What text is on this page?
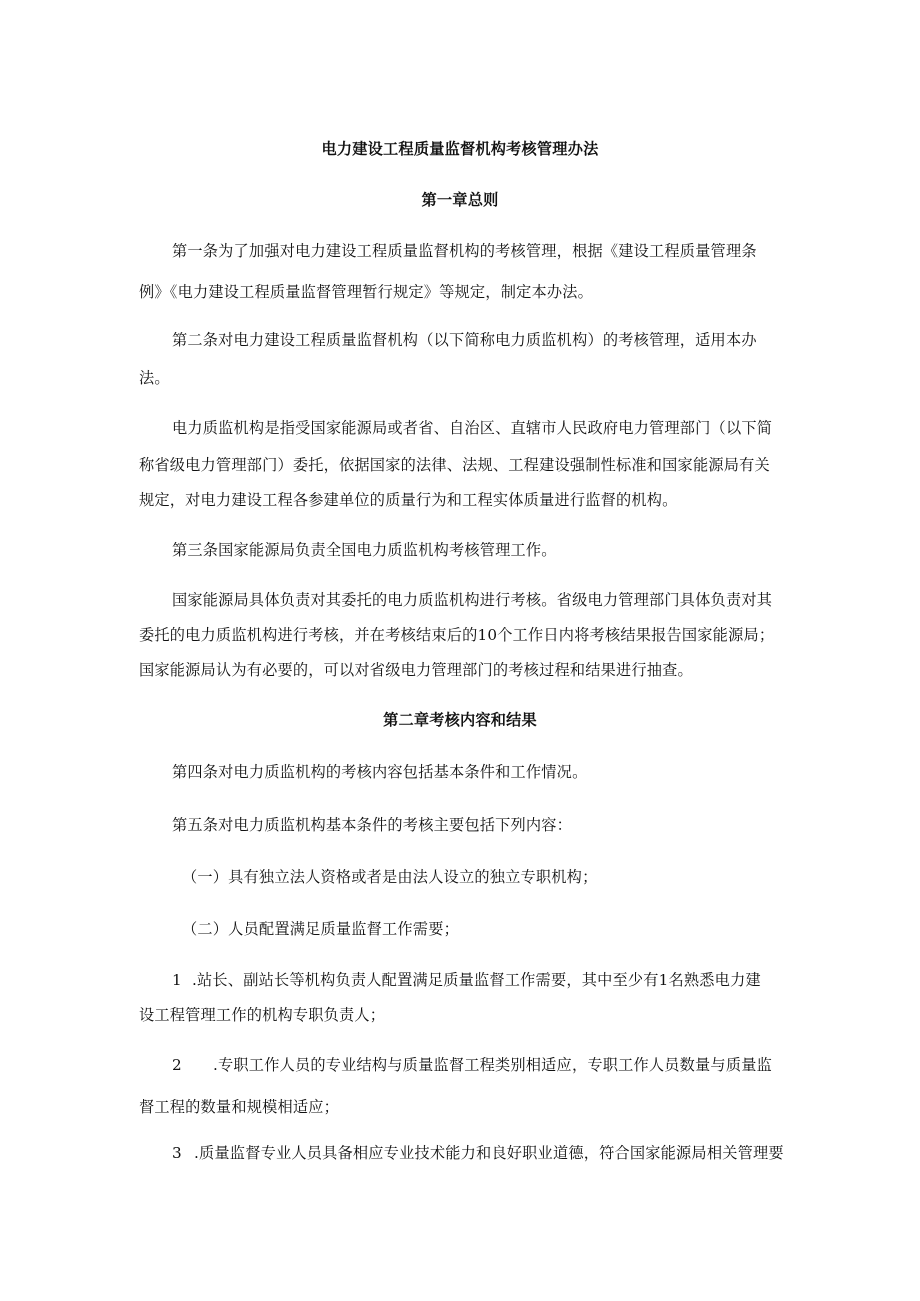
电力建设工程质量监督机构考核管理办法
第一章总则
第一条为了加强对电力建设工程质量监督机构的考核管理，根据《建设工程质量管理条
例》《电力建设工程质量监督管理暂行规定》等规定，制定本办法。
第二条对电力建设工程质量监督机构（以下简称电力质监机构）的考核管理，适用本办
法。
电力质监机构是指受国家能源局或者省、自治区、直辖市人民政府电力管理部门（以下简
称省级电力管理部门）委托，依据国家的法律、法规、工程建设强制性标准和国家能源局有关
规定，对电力建设工程各参建单位的质量行为和工程实体质量进行监督的机构。
第三条国家能源局负责全国电力质监机构考核管理工作。
国家能源局具体负责对其委托的电力质监机构进行考核。省级电力管理部门具体负责对其
委托的电力质监机构进行考核，并在考核结束后的10个工作日内将考核结果报告国家能源局；
国家能源局认为有必要的，可以对省级电力管理部门的考核过程和结果进行抽查。
第二章考核内容和结果
第四条对电力质监机构的考核内容包括基本条件和工作情况。
第五条对电力质监机构基本条件的考核主要包括下列内容：
（一）具有独立法人资格或者是由法人设立的独立专职机构；
（二）人员配置满足质量监督工作需要；
1 .站长、副站长等机构负责人配置满足质量监督工作需要，其中至少有1名熟悉电力建
设工程管理工作的机构专职负责人；
2 .专职工作人员的专业结构与质量监督工程类别相适应，专职工作人员数量与质量监
督工程的数量和规模相适应；
3 .质量监督专业人员具备相应专业技术能力和良好职业道德，符合国家能源局相关管理要
